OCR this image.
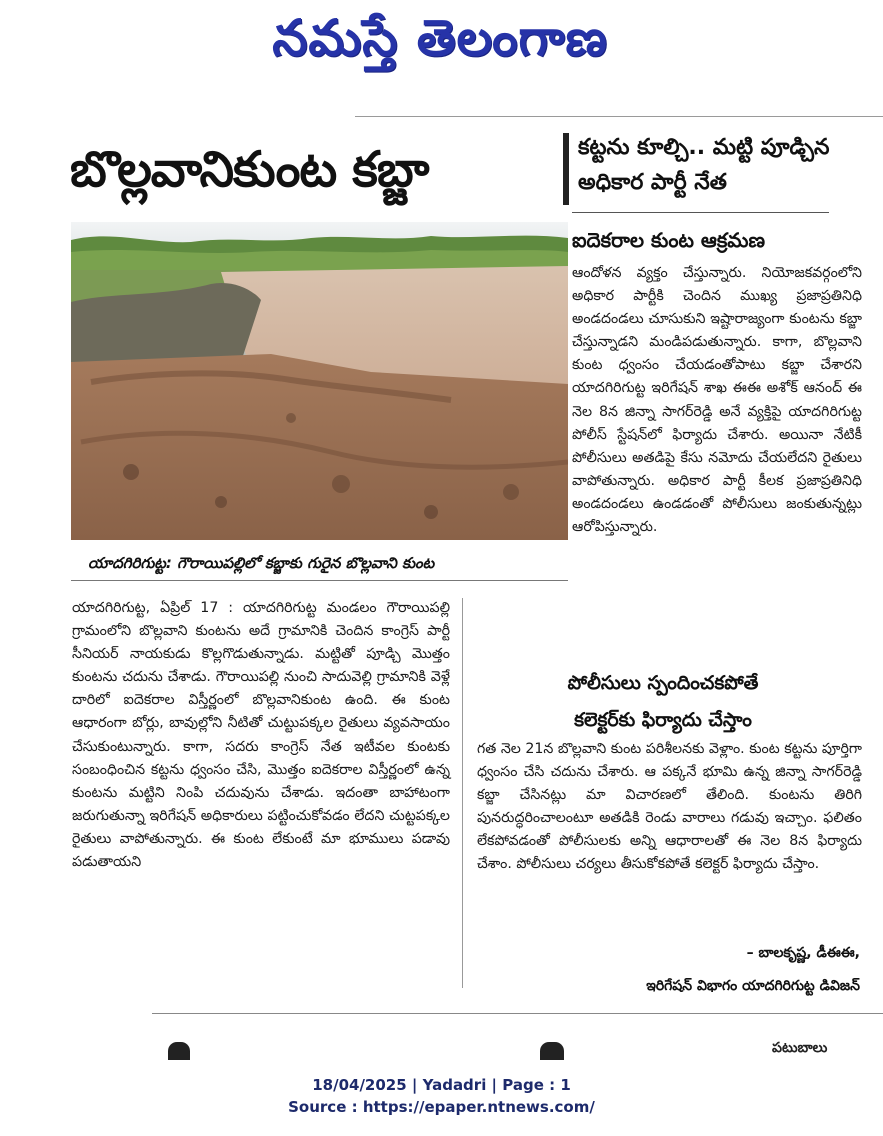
నమస్తే తెలంగాణ
బొల్లవానికుంట కబ్జా	కట్టను కూల్చి.. మట్టి పూడ్చిన అధికార పార్టీ నేత
ఐదెకరాల కుంట ఆక్రమణ
యాదగిరిగుట్ట: గౌరాయిపల్లిలో కబ్జాకు గురైన బొల్లవాని కుంట

ఆందోళన వ్యక్తం చేస్తున్నారు. నియోజకవర్గంలోని అధికార పార్టీకి చెందిన ముఖ్య ప్రజాప్రతినిధి అండదండలు చూసుకుని ఇష్టారాజ్యంగా కుంటను కబ్జా చేస్తున్నాడని మండిపడుతున్నారు. కాగా, బొల్లవాని కుంట ధ్వంసం చేయడంతోపాటు కబ్జా చేశారని యాదగిరిగుట్ట ఇరిగేషన్ శాఖ ఈఈ అశోక్ ఆనంద్ ఈ నెల 8న జిన్నా సాగర్‌రెడ్డి అనే వ్యక్తిపై యాదగిరిగుట్ట పోలీస్ స్టేషన్‌లో ఫిర్యాదు చేశారు. అయినా నేటికీ పోలీసులు అతడిపై కేసు నమోదు చేయలేదని రైతులు వాపోతున్నారు. అధికార పార్టీ కీలక ప్రజాప్రతినిధి అండదండలు ఉండడంతో పోలీసులు జంకుతున్నట్లు ఆరోపిస్తున్నారు.

యాదగిరిగుట్ట, ఏప్రిల్ 17 : యాదగిరిగుట్ట మండలం గౌరాయిపల్లి గ్రామంలోని బొల్లవాని కుంటను అదే గ్రామానికి చెందిన కాంగ్రెస్ పార్టీ సీనియర్ నాయకుడు కొల్లగొడుతున్నాడు. మట్టితో పూడ్చి మొత్తం కుంటను చదును చేశాడు. గౌరాయిపల్లి నుంచి సాదువెల్లి గ్రామానికి వెళ్లే దారిలో ఐదెకరాల విస్తీర్ణంలో బొల్లవానికుంట ఉంది. ఈ కుంట ఆధారంగా బోర్లు, బావుల్లోని నీటితో చుట్టుపక్కల రైతులు వ్యవసాయం చేసుకుంటున్నారు. కాగా, సదరు కాంగ్రెస్ నేత ఇటీవల కుంటకు సంబంధించిన కట్టను ధ్వంసం చేసి, మొత్తం ఐదెకరాల విస్తీర్ణంలో ఉన్న కుంటను మట్టిని నింపి చదువును చేశాడు. ఇదంతా బాహాటంగా జరుగుతున్నా ఇరిగేషన్ అధికారులు పట్టించుకోవడం లేదని చుట్టపక్కల రైతులు వాపోతున్నారు. ఈ కుంట లేకుంటే మా భూములు పడావు పడుతాయని

పోలీసులు స్పందించకపోతే
కలెక్టర్‌కు ఫిర్యాదు చేస్తాం

గత నెల 21న బొల్లవాని కుంట పరిశీలనకు వెళ్లాం. కుంట కట్టను పూర్తిగా ధ్వంసం చేసి చదును చేశారు. ఆ పక్కనే భూమి ఉన్న జిన్నా సాగర్‌రెడ్డి కబ్జా చేసినట్లు మా విచారణలో తేలింది. కుంటను తిరిగి పునరుద్ధరించాలంటూ అతడికి రెండు వారాలు గడువు ఇచ్చాం. ఫలితం లేకపోవడంతో పోలీసులకు అన్ని ఆధారాలతో ఈ నెల 8న ఫిర్యాదు చేశాం. పోలీసులు చర్యలు తీసుకోకపోతే కలెక్టర్ ఫిర్యాదు చేస్తాం.

– బాలకృష్ణ, డీఈఈ,
ఇరిగేషన్ విభాగం యాదగిరిగుట్ట డివిజన్
పటుబాలు
18/04/2025 | Yadadri | Page : 1
Source : https://epaper.ntnews.com/
